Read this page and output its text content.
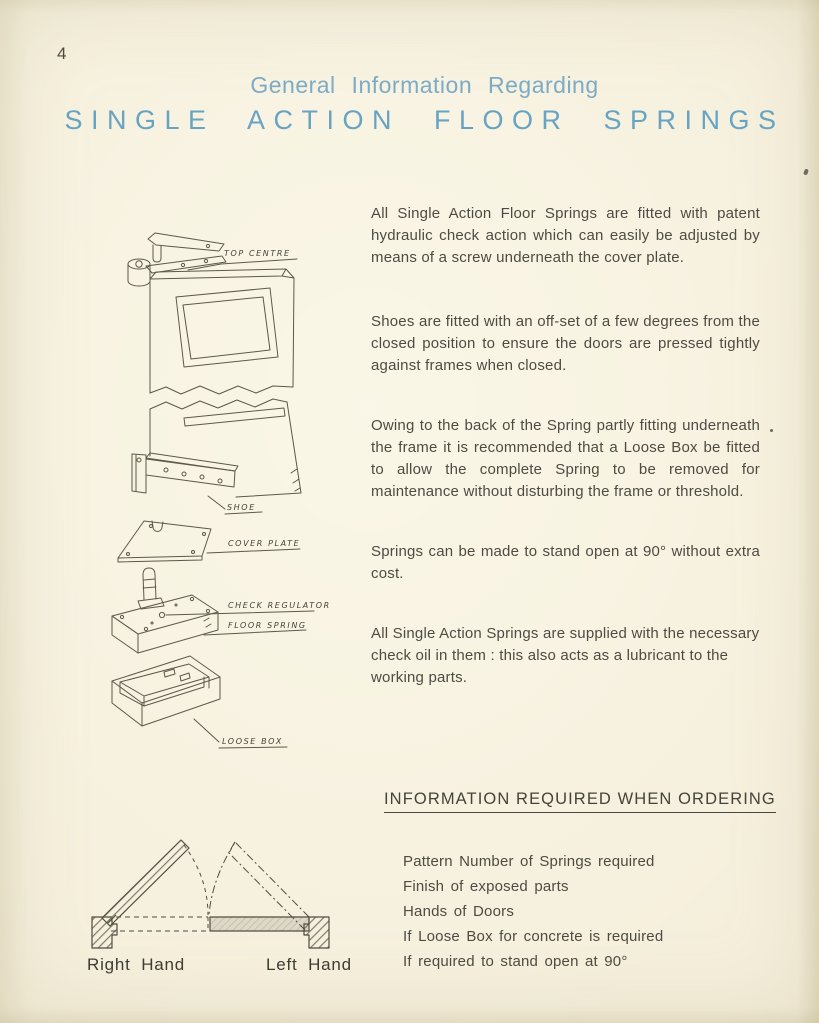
4
General Information Regarding
SINGLE ACTION FLOOR SPRINGS
TOP CENTRE
SHOE
COVER PLATE
CHECK REGULATOR
FLOOR SPRING
LOOSE BOX

All Single Action Floor Springs are fitted with patent hydraulic check action which can easily be adjusted by means of a screw underneath the cover plate.

Shoes are fitted with an off-set of a few degrees from the closed position to ensure the doors are pressed tightly against frames when closed.

Owing to the back of the Spring partly fitting underneath the frame it is recommended that a Loose Box be fitted to allow the complete Spring to be removed for maintenance without disturbing the frame or threshold.

Springs can be made to stand open at 90° without extra cost.

All Single Action Springs are supplied with the necessary check oil in them : this also acts as a lubricant to the working parts.

INFORMATION REQUIRED WHEN ORDERING
Pattern Number of Springs required
Finish of exposed parts
Hands of Doors
If Loose Box for concrete is required
If required to stand open at 90°
Right Hand	Left Hand
